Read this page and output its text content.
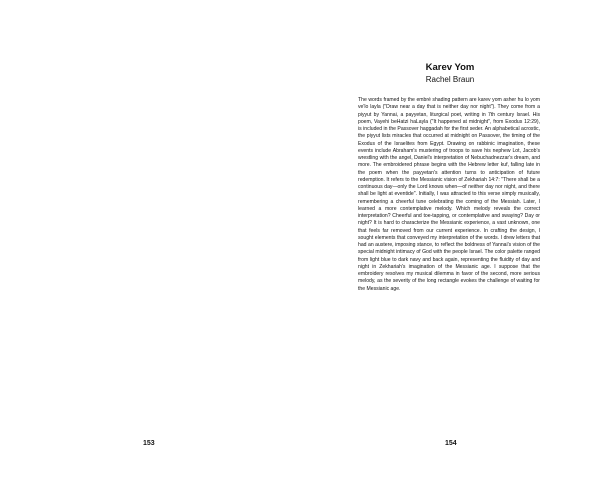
153

Karev Yom

Rachel Braun

The words framed by the embré shading pattern are karev yom asher hu lo yom ve'lo layla ("Draw near a day that is neither day nor night"). They come from a piyyut by Yannai, a payyetan, liturgical poet, writing in 7th century Israel. His poem, Vayehi beHatzi haLayla ("It happened at midnight", from Exodus 12:29), is included in the Passover haggadah for the first seder. An alphabetical acrostic, the piyyut lists miracles that occurred at midnight on Passover, the timing of the Exodus of the Israelites from Egypt. Drawing on rabbinic imagination, these events include Abraham's mustering of troops to save his nephew Lot, Jacob's wrestling with the angel, Daniel's interpretation of Nebuchadnezzar's dream, and more. The embroidered phrase begins with the Hebrew letter kuf, falling late in the poem when the payyetan's attention turns to anticipation of future redemption. It refers to the Messianic vision of Zekhariah 14:7: "There shall be a continuous day—only the Lord knows when—of neither day nor night, and there shall be light at eventide". Initially, I was attracted to this verse simply musically, remembering a cheerful tune celebrating the coming of the Messiah. Later, I learned a more contemplative melody. Which melody reveals the correct interpretation? Cheerful and toe-tapping, or contemplative and swaying? Day or night? It is hard to characterize the Messianic experience, a vast unknown, one that feels far removed from our current experience. In crafting the design, I sought elements that conveyed my interpretation of the words. I drew letters that had an austere, imposing stance, to reflect the boldness of Yannai's vision of the special midnight intimacy of God with the people Israel. The color palette ranged from light blue to dark navy and back again, representing the fluidity of day and night in Zekhariah's imagination of the Messianic age. I suppose that the embroidery resolves my musical dilemma in favor of the second, more serious melody, as the severity of the long rectangle evokes the challenge of waiting for the Messianic age.

154
